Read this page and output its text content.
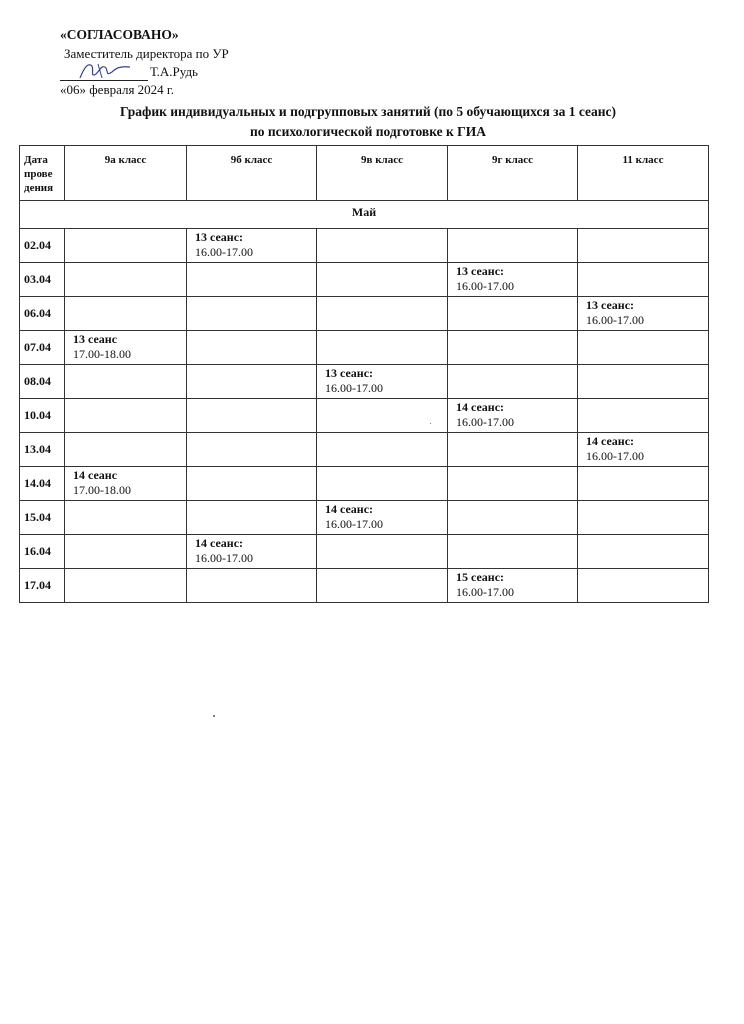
«СОГЛАСОВАНО»
Заместитель директора по УР
Т.А.Рудь
«06» февраля 2024 г.
График индивидуальных и подгрупповых занятий (по 5 обучающихся за 1 сеанс)
по психологической подготовке к ГИА
Дата прове дения	9а класс	9б класс	9в класс	9г класс	11 класс
Май					
02.04		13 сеанс:
16.00-17.00			

03.04				13 сеанс:
16.00-17.00	

06.04					13 сеанс:
16.00-17.00

07.04	13 сеанс
17.00-18.00				

08.04			13 сеанс:
16.00-17.00		

10.04				14 сеанс:
16.00-17.00	

13.04					14 сеанс:
16.00-17.00

14.04	14 сеанс
17.00-18.00				

15.04			14 сеанс:
16.00-17.00		

16.04		14 сеанс:
16.00-17.00			

17.04				15 сеанс:
16.00-17.00	
